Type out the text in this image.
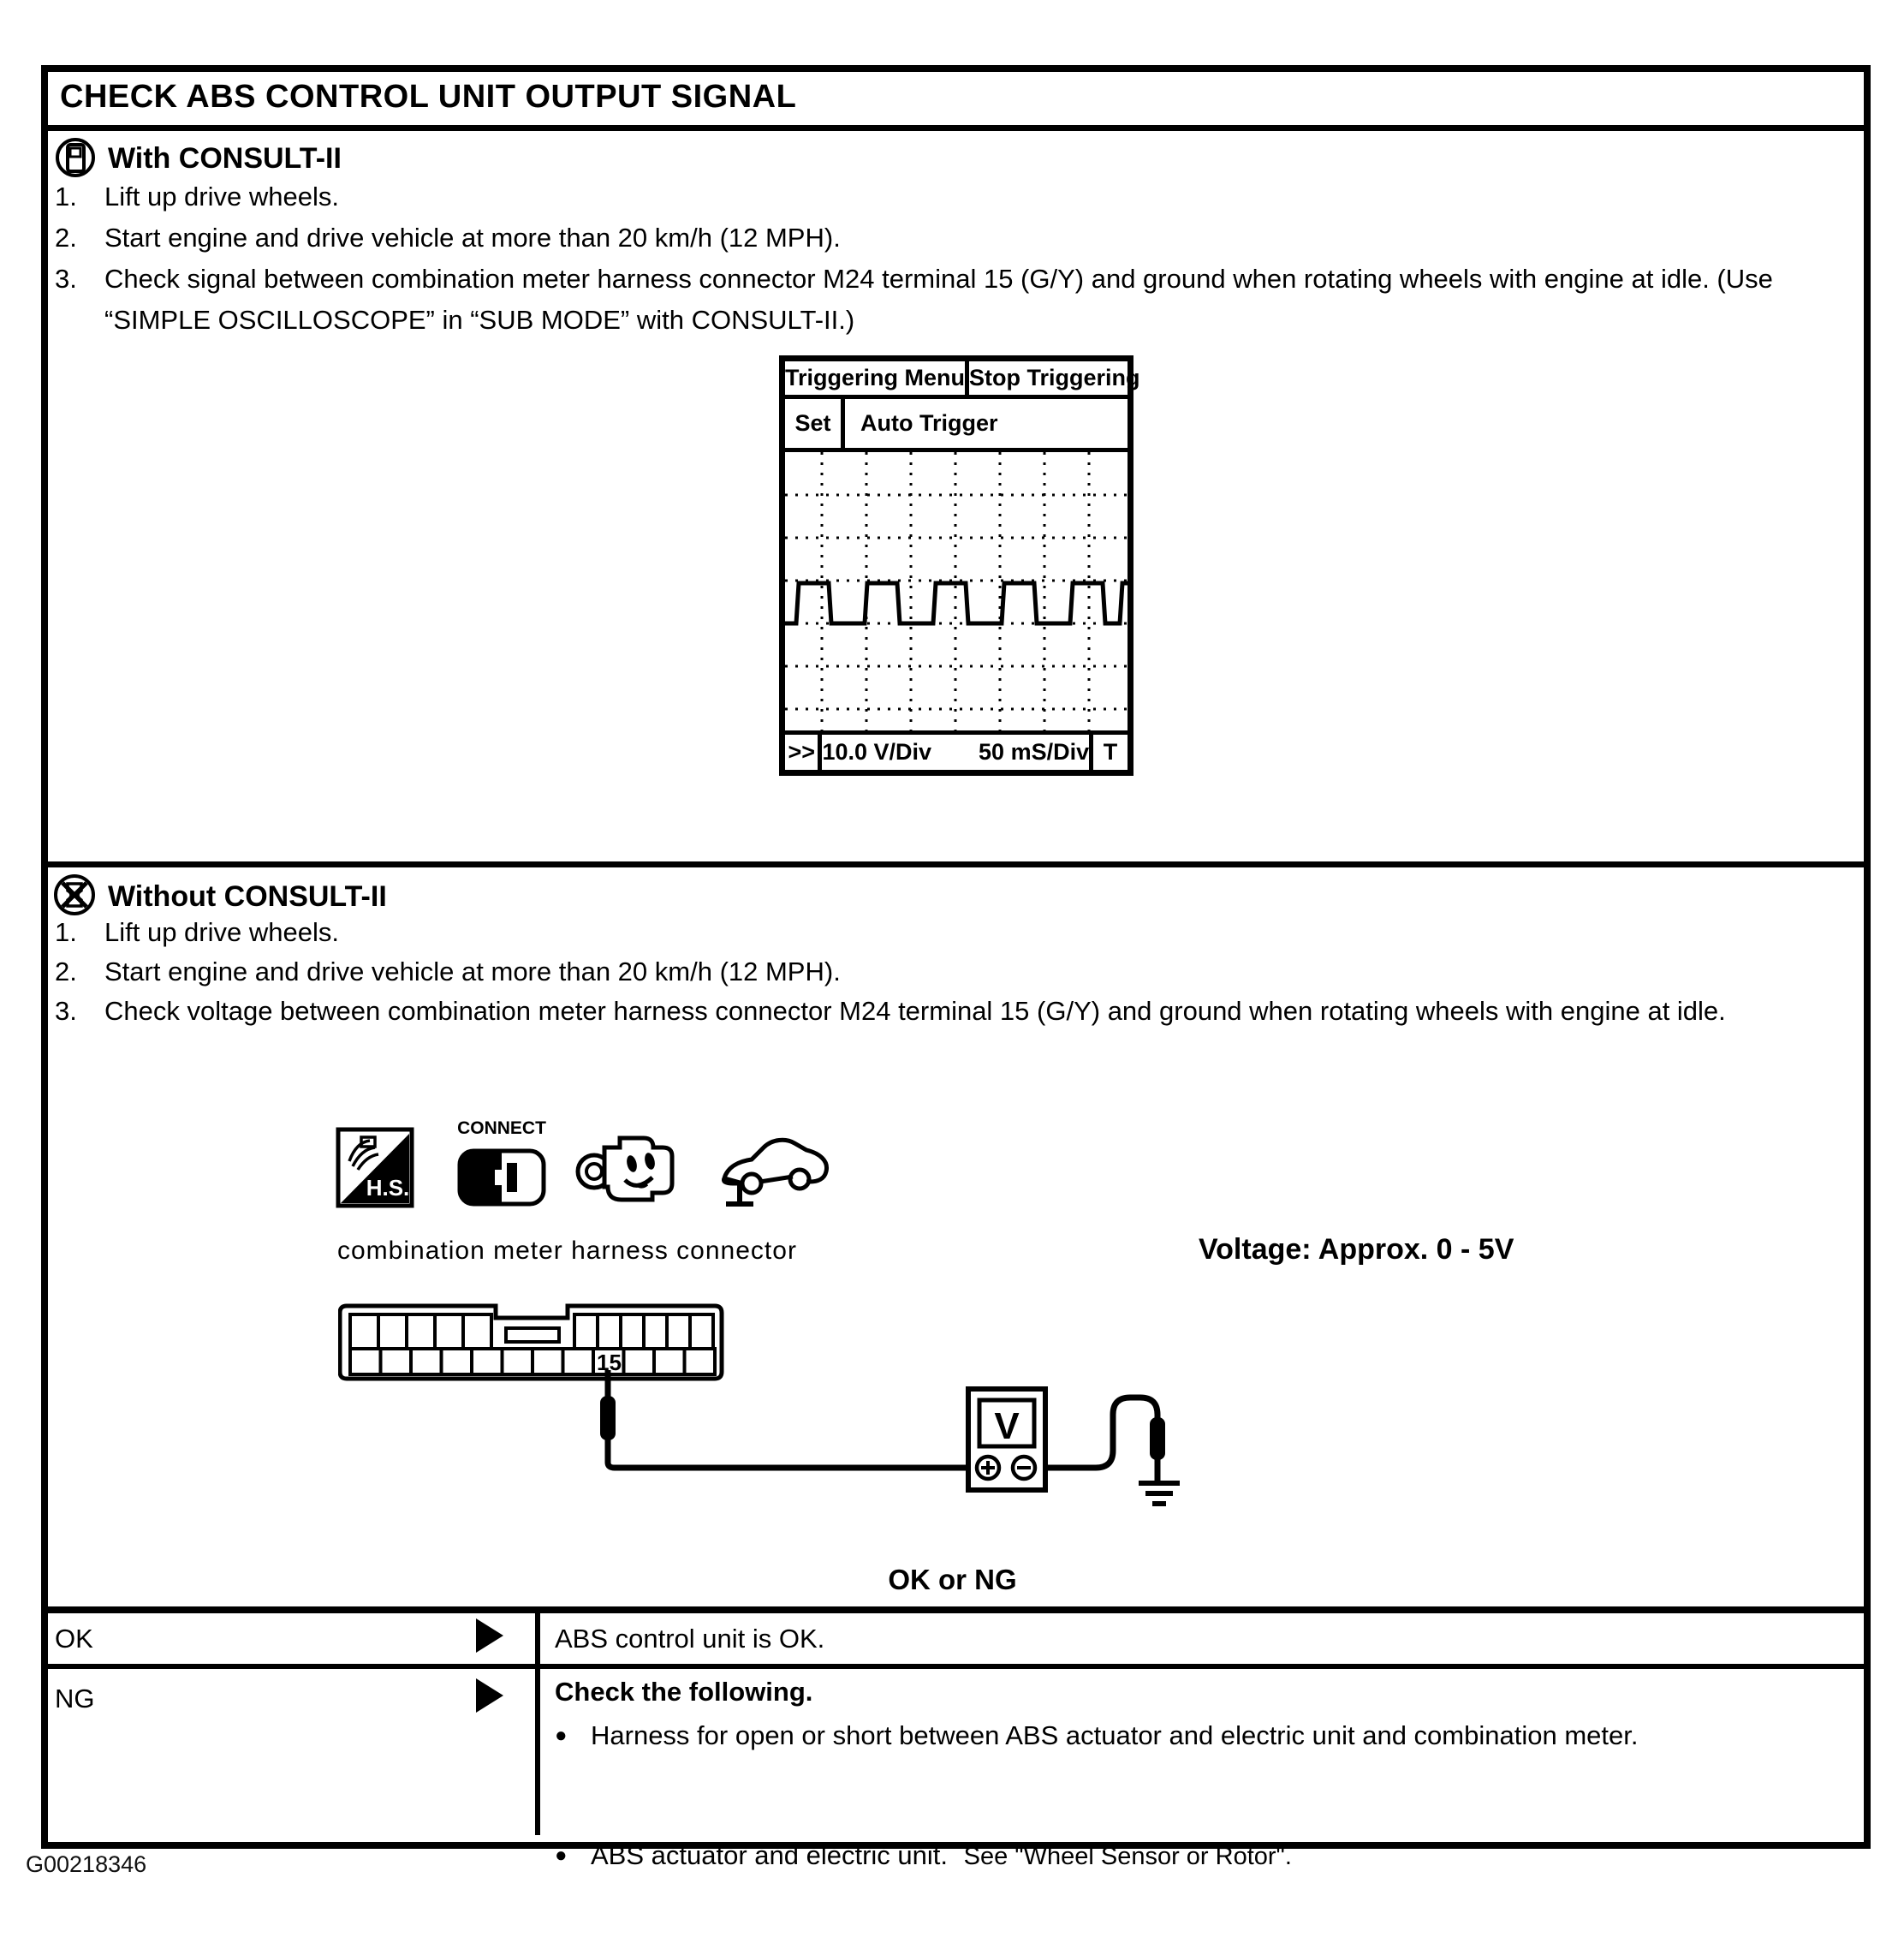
CHECK ABS CONTROL UNIT OUTPUT SIGNAL
With CONSULT-II
1. Lift up drive wheels.
2. Start engine and drive vehicle at more than 20 km/h (12 MPH).
3. Check signal between combination meter harness connector M24 terminal 15 (G/Y) and ground when rotating wheels with engine at idle. (Use “SIMPLE OSCILLOSCOPE” in “SUB MODE” with CONSULT-II.)
Triggering Menu Stop Triggering
Set	Auto Trigger
>> 10.0 V/Div 50 mS/Div T
Without CONSULT-II
1. Lift up drive wheels.
2. Start engine and drive vehicle at more than 20 km/h (12 MPH).
3. Check voltage between combination meter harness connector M24 terminal 15 (G/Y) and ground when rotating wheels with engine at idle.
H.S.
CONNECT
combination meter harness connector	Voltage: Approx. 0 - 5V
15
V
OK or NG
OK	ABS control unit is OK.
NG	Check the following.
● Harness for open or short between ABS actuator and electric unit and combination meter.
● ABS actuator and electric unit. See "Wheel Sensor or Rotor".
G00218346
